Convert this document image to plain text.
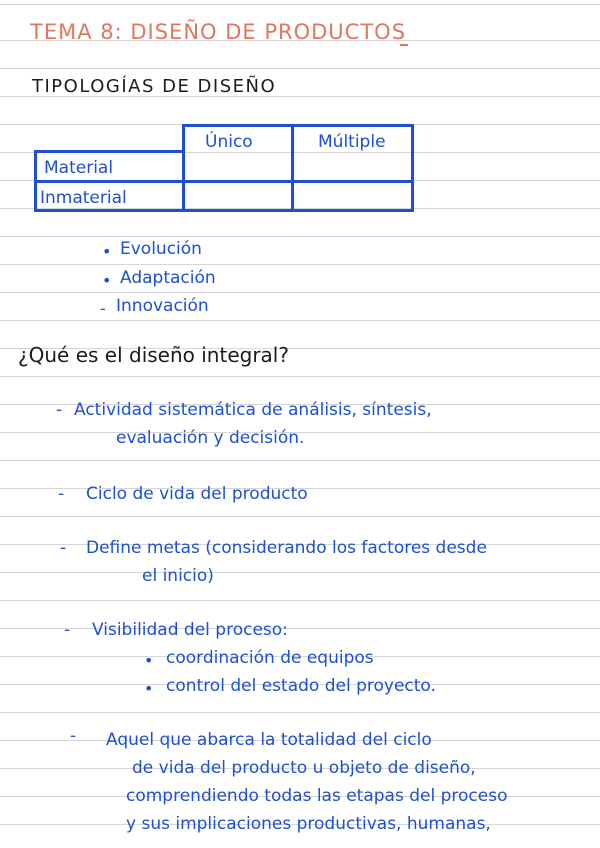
TEMA 8: DISEÑO DE PRODUCTOS
TIPOLOGÍAS DE DISEÑO
Único	Múltiple
Material
Inmaterial
• Evolución
• Adaptación
- Innovación
¿Qué es el diseño integral?
- Actividad sistemática de análisis, síntesis,
evaluación y decisión.
- Ciclo de vida del producto
- Define metas (considerando los factores desde
el inicio)
- Visibilidad del proceso:
• coordinación de equipos
• control del estado del proyecto.
- Aquel que abarca la totalidad del ciclo
de vida del producto u objeto de diseño,
comprendiendo todas las etapas del proceso
y sus implicaciones productivas, humanas,
